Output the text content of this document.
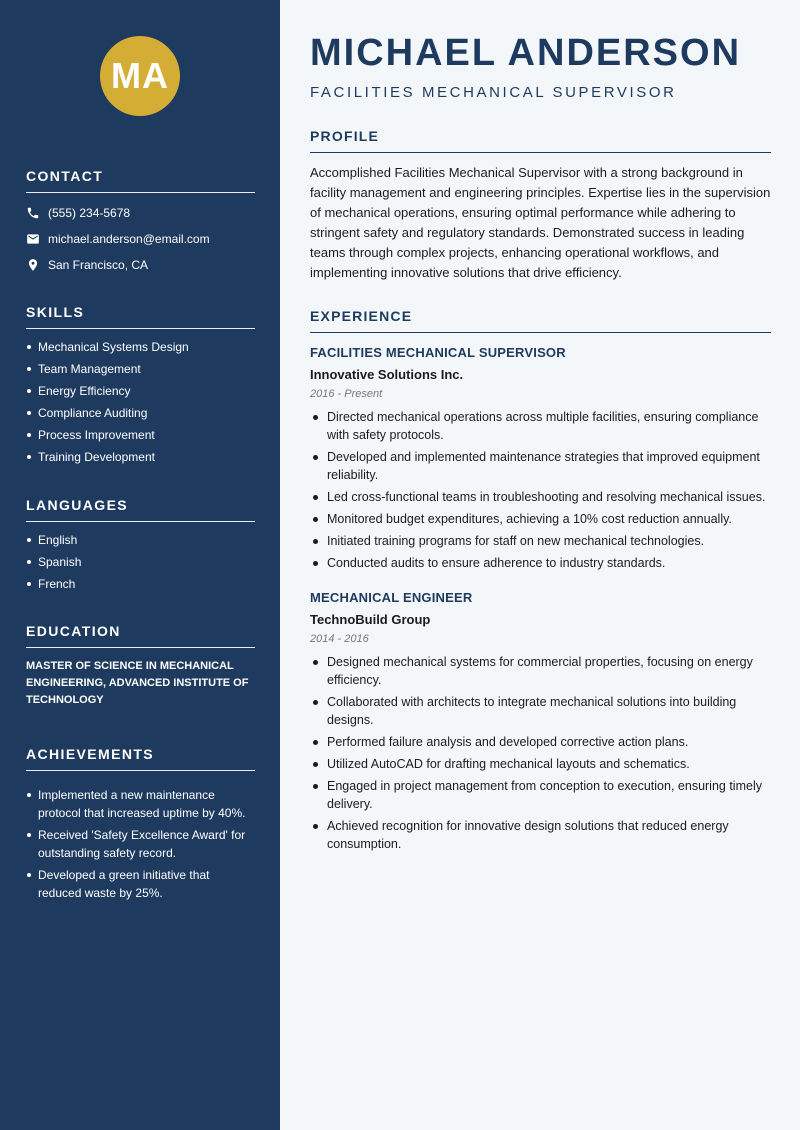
MA
CONTACT
(555) 234-5678
michael.anderson@email.com
San Francisco, CA
SKILLS
Mechanical Systems Design
Team Management
Energy Efficiency
Compliance Auditing
Process Improvement
Training Development
LANGUAGES
English
Spanish
French
EDUCATION
MASTER OF SCIENCE IN MECHANICAL ENGINEERING, ADVANCED INSTITUTE OF TECHNOLOGY
ACHIEVEMENTS
Implemented a new maintenance protocol that increased uptime by 40%.
Received 'Safety Excellence Award' for outstanding safety record.
Developed a green initiative that reduced waste by 25%.
MICHAEL ANDERSON
FACILITIES MECHANICAL SUPERVISOR
PROFILE

Accomplished Facilities Mechanical Supervisor with a strong background in facility management and engineering principles. Expertise lies in the supervision of mechanical operations, ensuring optimal performance while adhering to stringent safety and regulatory standards. Demonstrated success in leading teams through complex projects, enhancing operational workflows, and implementing innovative solutions that drive efficiency.

EXPERIENCE
FACILITIES MECHANICAL SUPERVISOR
Innovative Solutions Inc.
2016 - Present
Directed mechanical operations across multiple facilities, ensuring compliance with safety protocols.
Developed and implemented maintenance strategies that improved equipment reliability.
Led cross-functional teams in troubleshooting and resolving mechanical issues.
Monitored budget expenditures, achieving a 10% cost reduction annually.
Initiated training programs for staff on new mechanical technologies.
Conducted audits to ensure adherence to industry standards.
MECHANICAL ENGINEER
TechnoBuild Group
2014 - 2016
Designed mechanical systems for commercial properties, focusing on energy efficiency.
Collaborated with architects to integrate mechanical solutions into building designs.
Performed failure analysis and developed corrective action plans.
Utilized AutoCAD for drafting mechanical layouts and schematics.
Engaged in project management from conception to execution, ensuring timely delivery.
Achieved recognition for innovative design solutions that reduced energy consumption.
